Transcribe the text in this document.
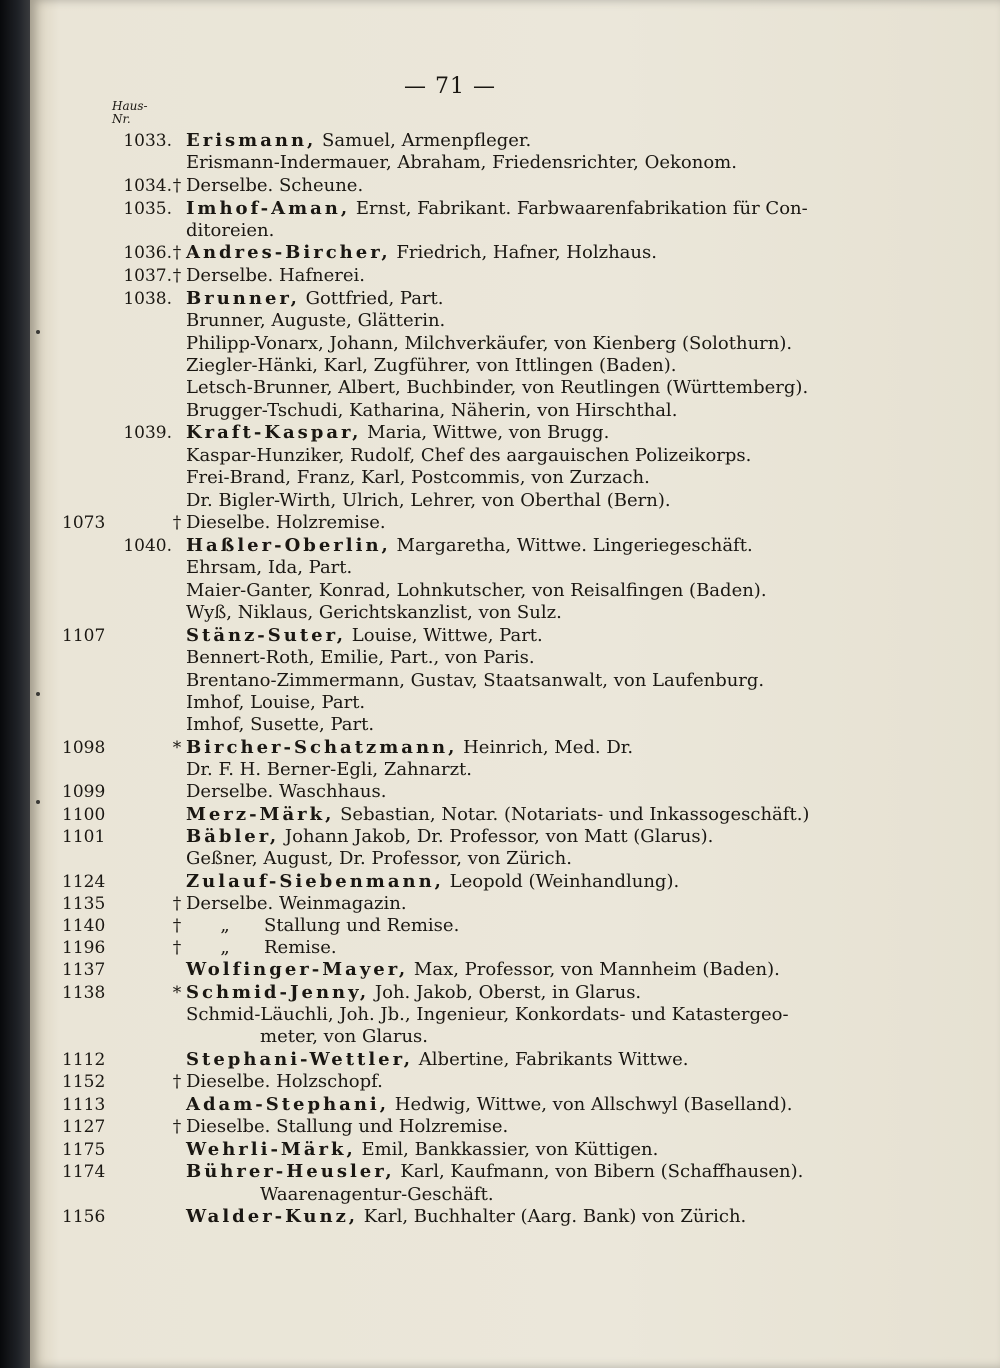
— 71 —
Haus-
Nr.
1033. Erismann, Samuel, Armenpfleger.
Erismann-Indermauer, Abraham, Friedensrichter, Oekonom.
1034. † Derselbe. Scheune.
1035. Imhof-Aman, Ernst, Fabrikant. Farbwaarenfabrikation für Con-
ditoreien.
1036. † Andres-Bircher, Friedrich, Hafner, Holzhaus.
1037. † Derselbe. Hafnerei.
1038. Brunner, Gottfried, Part.
Brunner, Auguste, Glätterin.
Philipp-Vonarx, Johann, Milchverkäufer, von Kienberg (Solothurn).
Ziegler-Hänki, Karl, Zugführer, von Ittlingen (Baden).
Letsch-Brunner, Albert, Buchbinder, von Reutlingen (Württemberg).
Brugger-Tschudi, Katharina, Näherin, von Hirschthal.
1039. Kraft-Kaspar, Maria, Wittwe, von Brugg.
Kaspar-Hunziker, Rudolf, Chef des aargauischen Polizeikorps.
Frei-Brand, Franz, Karl, Postcommis, von Zurzach.
Dr. Bigler-Wirth, Ulrich, Lehrer, von Oberthal (Bern).
1073	† Dieselbe. Holzremise.
1040. Haßler-Oberlin, Margaretha, Wittwe. Lingeriegeschäft.
Ehrsam, Ida, Part.
Maier-Ganter, Konrad, Lohnkutscher, von Reisalfingen (Baden).
Wyß, Niklaus, Gerichtskanzlist, von Sulz.
1107	Stänz-Suter, Louise, Wittwe, Part.
Bennert-Roth, Emilie, Part., von Paris.
Brentano-Zimmermann, Gustav, Staatsanwalt, von Laufenburg.
Imhof, Louise, Part.
Imhof, Susette, Part.
1098	* Bircher-Schatzmann, Heinrich, Med. Dr.
Dr. F. H. Berner-Egli, Zahnarzt.
1099	Derselbe. Waschhaus.
1100	Merz-Märk, Sebastian, Notar. (Notariats- und Inkassogeschäft.)
1101	Bäbler, Johann Jakob, Dr. Professor, von Matt (Glarus).
Geßner, August, Dr. Professor, von Zürich.
1124	Zulauf-Siebenmann, Leopold (Weinhandlung).
1135	† Derselbe. Weinmagazin.
1140	† „      Stallung und Remise.
1196	† „      Remise.
1137	Wolfinger-Mayer, Max, Professor, von Mannheim (Baden).
1138	* Schmid-Jenny, Joh. Jakob, Oberst, in Glarus.
Schmid-Läuchli, Joh. Jb., Ingenieur, Konkordats- und Katastergeo-
meter, von Glarus.
1112	Stephani-Wettler, Albertine, Fabrikants Wittwe.
1152	† Dieselbe. Holzschopf.
1113	Adam-Stephani, Hedwig, Wittwe, von Allschwyl (Baselland).
1127	† Dieselbe. Stallung und Holzremise.
1175	Wehrli-Märk, Emil, Bankkassier, von Küttigen.
1174	Bührer-Heusler, Karl, Kaufmann, von Bibern (Schaffhausen).
Waarenagentur-Geschäft.
1156	Walder-Kunz, Karl, Buchhalter (Aarg. Bank) von Zürich.
